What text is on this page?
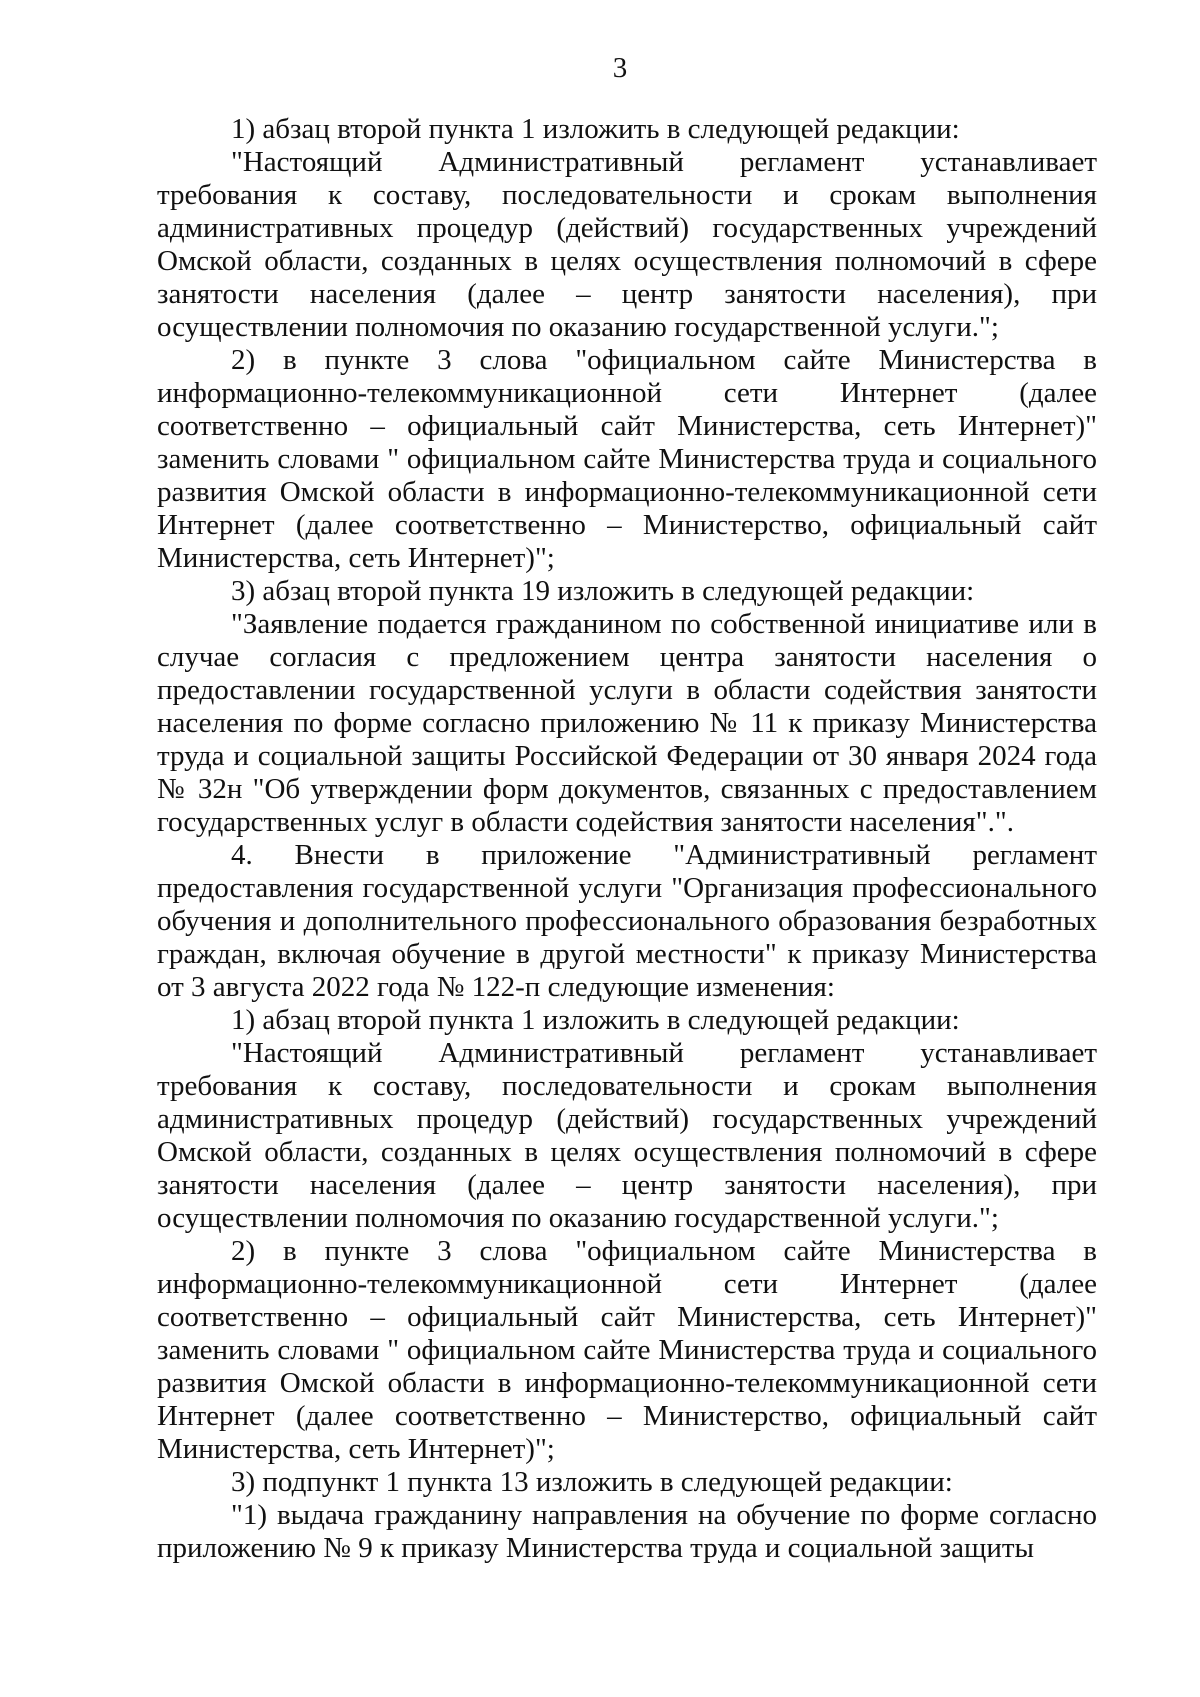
3

1) абзац второй пункта 1 изложить в следующей редакции:

"Настоящий Административный регламент устанавливает требования к составу, последовательности и срокам выполнения административных процедур (действий) государственных учреждений Омской области, созданных в целях осуществления полномочий в сфере занятости населения (далее – центр занятости населения), при осуществлении полномочия по оказанию государственной услуги.";

2) в пункте 3 слова "официальном сайте Министерства в информационно-телекоммуникационной сети Интернет (далее соответственно – официальный сайт Министерства, сеть Интернет)" заменить словами " официальном сайте Министерства труда и социального развития Омской области в информационно-телекоммуникационной сети Интернет (далее соответственно – Министерство, официальный сайт Министерства, сеть Интернет)";

3) абзац второй пункта 19 изложить в следующей редакции:

"Заявление подается гражданином по собственной инициативе или в случае согласия с предложением центра занятости населения о предоставлении государственной услуги в области содействия занятости населения по форме согласно приложению № 11 к приказу Министерства труда и социальной защиты Российской Федерации от 30 января 2024 года № 32н "Об утверждении форм документов, связанных с предоставлением государственных услуг в области содействия занятости населения".".

4. Внести в приложение "Административный регламент предоставления государственной услуги "Организация профессионального обучения и дополнительного профессионального образования безработных граждан, включая обучение в другой местности" к приказу Министерства от 3 августа 2022 года № 122-п следующие изменения:

1) абзац второй пункта 1 изложить в следующей редакции:

"Настоящий Административный регламент устанавливает требования к составу, последовательности и срокам выполнения административных процедур (действий) государственных учреждений Омской области, созданных в целях осуществления полномочий в сфере занятости населения (далее – центр занятости населения), при осуществлении полномочия по оказанию государственной услуги.";

2) в пункте 3 слова "официальном сайте Министерства в информационно-телекоммуникационной сети Интернет (далее соответственно – официальный сайт Министерства, сеть Интернет)" заменить словами " официальном сайте Министерства труда и социального развития Омской области в информационно-телекоммуникационной сети Интернет (далее соответственно – Министерство, официальный сайт Министерства, сеть Интернет)";

3) подпункт 1 пункта 13 изложить в следующей редакции:

"1) выдача гражданину направления на обучение по форме согласно приложению № 9 к приказу Министерства труда и социальной защиты
